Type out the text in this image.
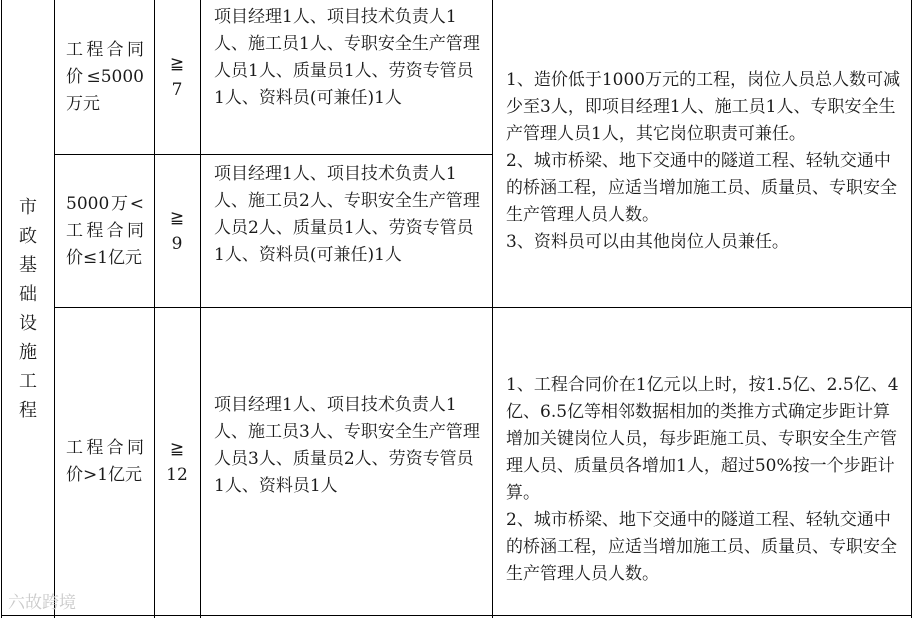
市政基础设施工程
工程合同价≤5000万元
≧7
项目经理1人、项目技术负责人1人、施工员1人、专职安全生产管理人员1人、质量员1人、劳资专管员1人、资料员(可兼任)1人
5000万<工程合同价≤1亿元
≧9
项目经理1人、项目技术负责人1人、施工员2人、专职安全生产管理人员2人、质量员1人、劳资专管员1人、资料员(可兼任)1人

1、造价低于1000万元的工程，岗位人员总人数可减少至3人，即项目经理1人、施工员1人、专职安全生产管理人员1人，其它岗位职责可兼任。
2、城市桥梁、地下交通中的隧道工程、轻轨交通中的桥涵工程，应适当增加施工员、质量员、专职安全生产管理人员人数。
3、资料员可以由其他岗位人员兼任。

工程合同价>1亿元
≧12
项目经理1人、项目技术负责人1人、施工员3人、专职安全生产管理人员3人、质量员2人、劳资专管员1人、资料员1人

1、工程合同价在1亿元以上时，按1.5亿、2.5亿、4亿、6.5亿等相邻数据相加的类推方式确定步距计算增加关键岗位人员，每步距施工员、专职安全生产管理人员、质量员各增加1人，超过50%按一个步距计算。
2、城市桥梁、地下交通中的隧道工程、轻轨交通中的桥涵工程，应适当增加施工员、质量员、专职安全生产管理人员人数。

六故跨境
